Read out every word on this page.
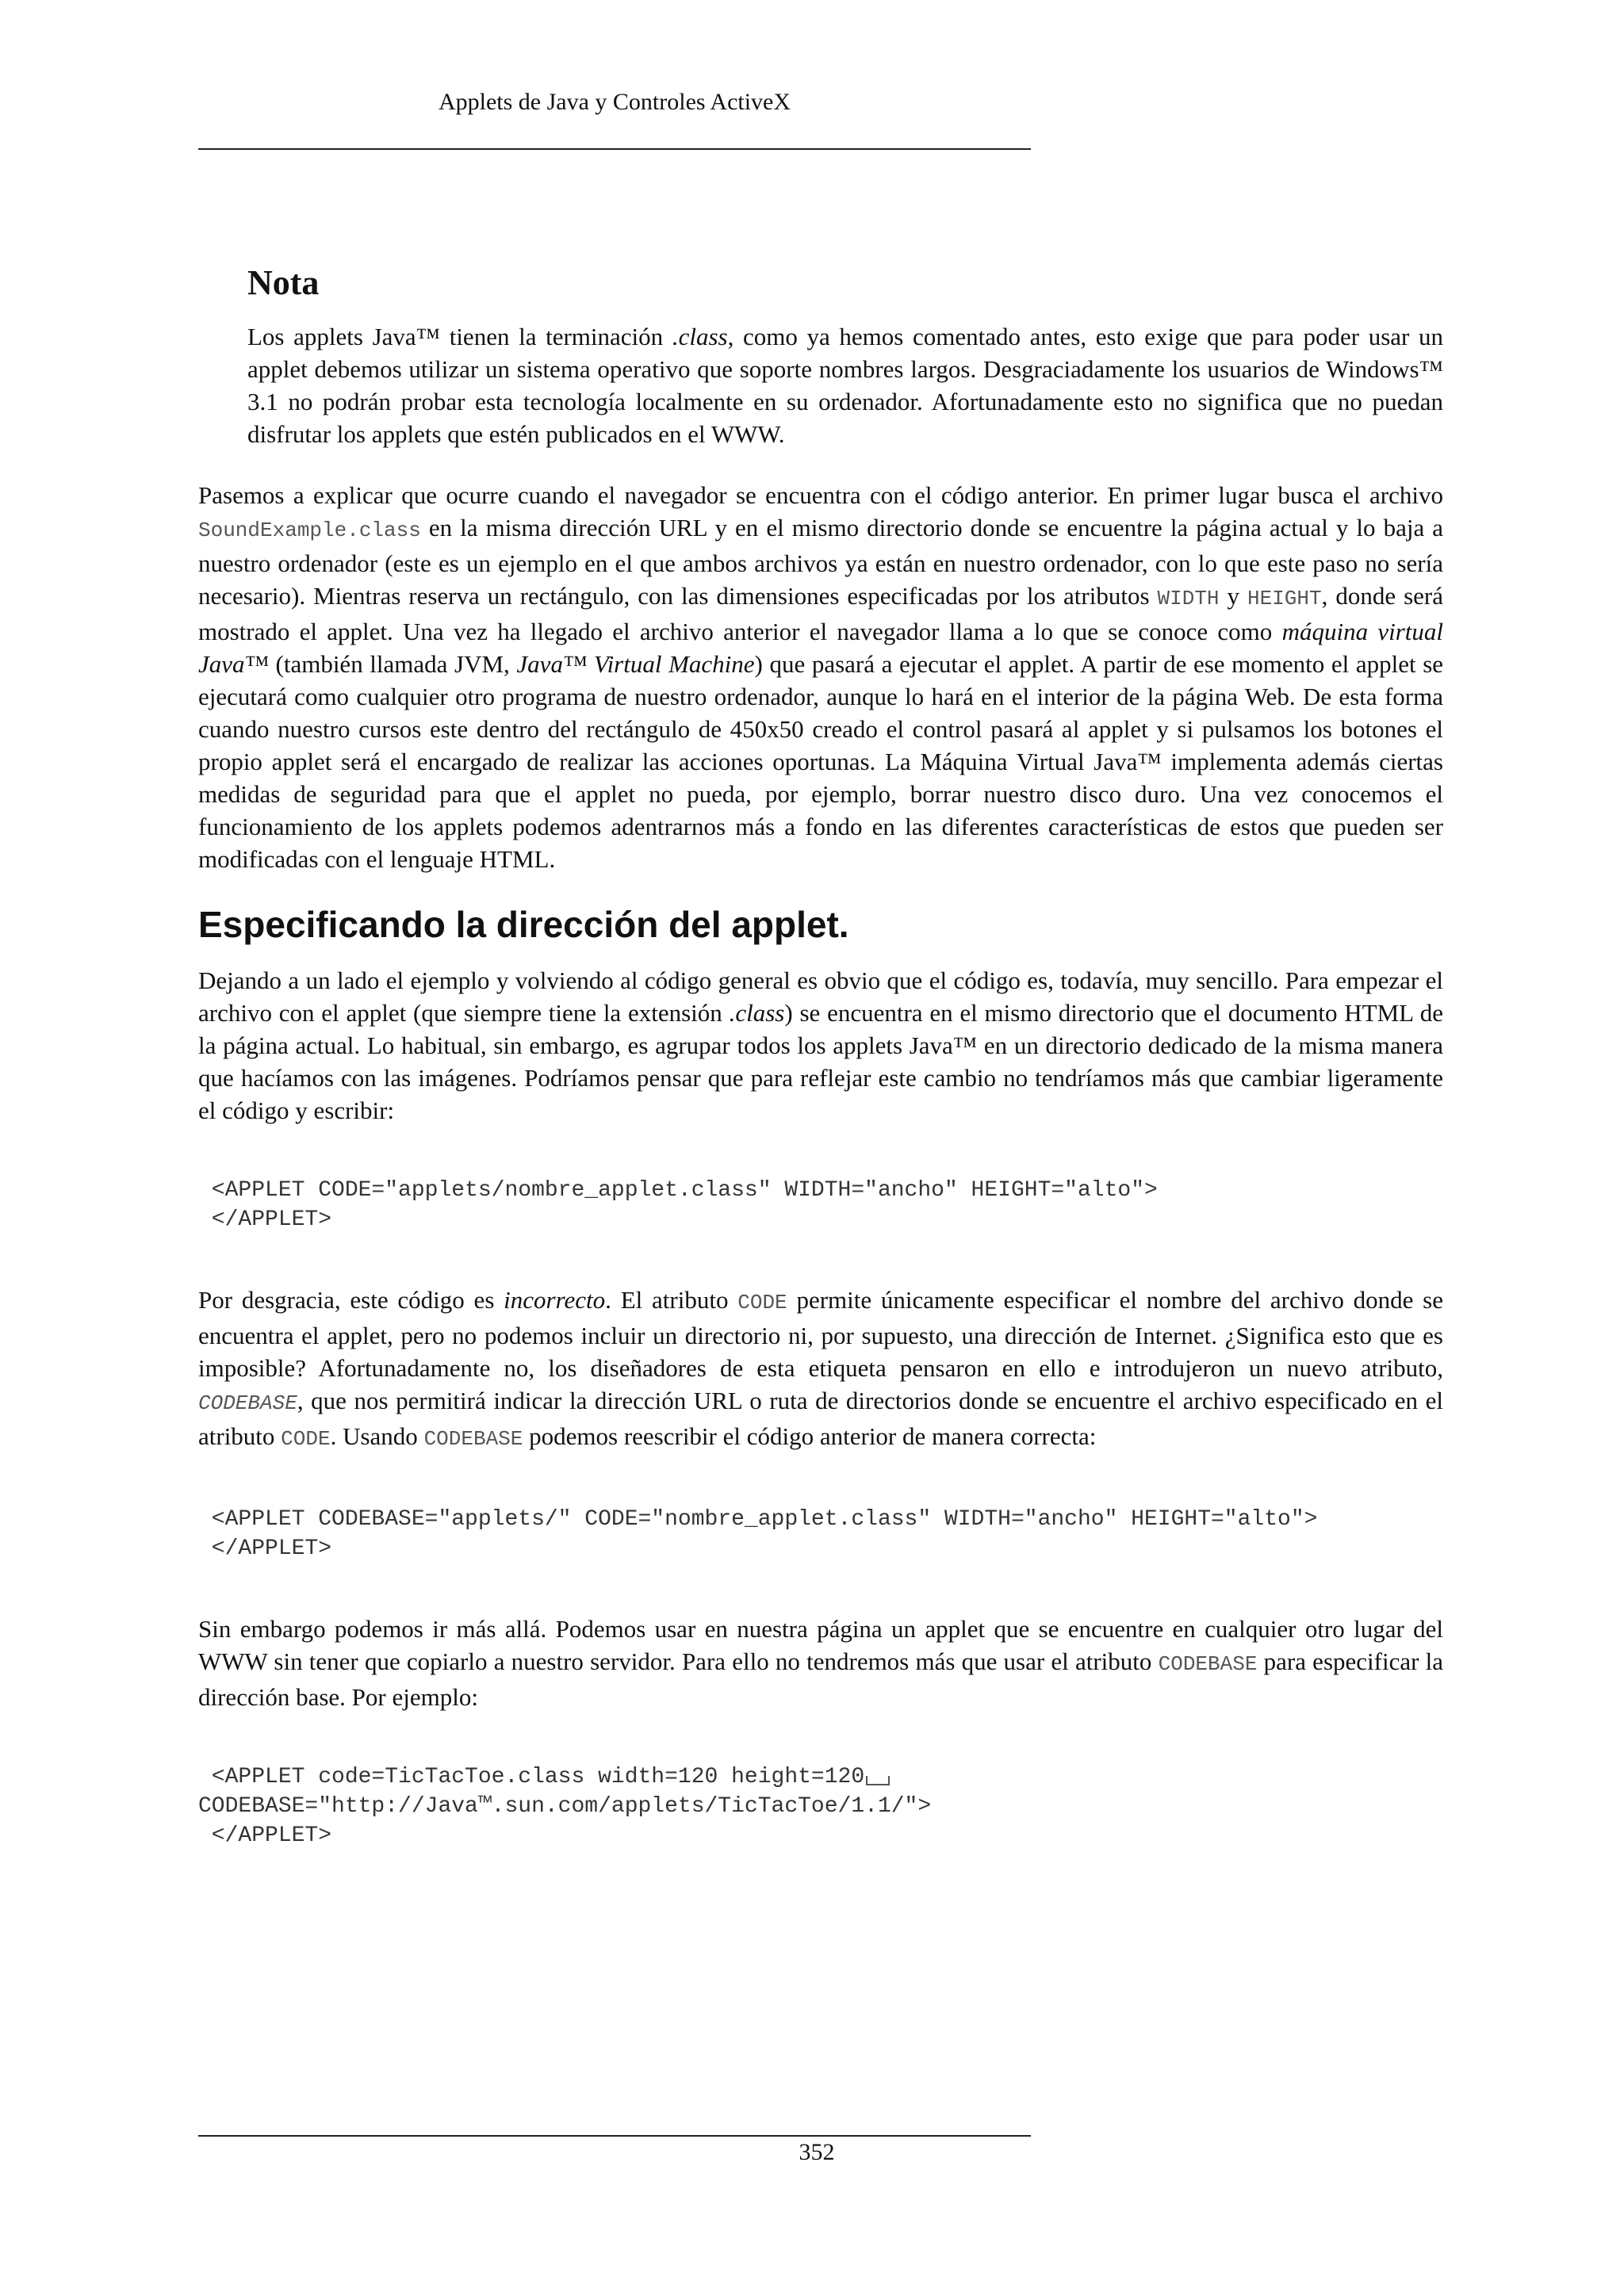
Applets de Java y Controles ActiveX
Nota

Los applets Java™ tienen la terminación .class, como ya hemos comentado antes, esto exige que para poder usar un applet debemos utilizar un sistema operativo que soporte nombres largos. Desgraciadamente los usuarios de Windows™ 3.1 no podrán probar esta tecnología localmente en su ordenador. Afortunadamente esto no significa que no puedan disfrutar los applets que estén publicados en el WWW.

Pasemos a explicar que ocurre cuando el navegador se encuentra con el código anterior. En primer lugar busca el archivo SoundExample.class en la misma dirección URL y en el mismo directorio donde se encuentre la página actual y lo baja a nuestro ordenador (este es un ejemplo en el que ambos archivos ya están en nuestro ordenador, con lo que este paso no sería necesario). Mientras reserva un rectángulo, con las dimensiones especificadas por los atributos WIDTH y HEIGHT, donde será mostrado el applet. Una vez ha llegado el archivo anterior el navegador llama a lo que se conoce como máquina virtual Java™ (también llamada JVM, Java™ Virtual Machine) que pasará a ejecutar el applet. A partir de ese momento el applet se ejecutará como cualquier otro programa de nuestro ordenador, aunque lo hará en el interior de la página Web. De esta forma cuando nuestro cursos este dentro del rectángulo de 450x50 creado el control pasará al applet y si pulsamos los botones el propio applet será el encargado de realizar las acciones oportunas. La Máquina Virtual Java™ implementa además ciertas medidas de seguridad para que el applet no pueda, por ejemplo, borrar nuestro disco duro. Una vez conocemos el funcionamiento de los applets podemos adentrarnos más a fondo en las diferentes características de estos que pueden ser modificadas con el lenguaje HTML.

Especificando la dirección del applet.

Dejando a un lado el ejemplo y volviendo al código general es obvio que el código es, todavía, muy sencillo. Para empezar el archivo con el applet (que siempre tiene la extensión .class) se encuentra en el mismo directorio que el documento HTML de la página actual. Lo habitual, sin embargo, es agrupar todos los applets Java™ en un directorio dedicado de la misma manera que hacíamos con las imágenes. Podríamos pensar que para reflejar este cambio no tendríamos más que cambiar ligeramente el código y escribir:

<APPLET CODE="applets/nombre_applet.class" WIDTH="ancho" HEIGHT="alto">
</APPLET>

Por desgracia, este código es incorrecto. El atributo CODE permite únicamente especificar el nombre del archivo donde se encuentra el applet, pero no podemos incluir un directorio ni, por supuesto, una dirección de Internet. ¿Significa esto que es imposible? Afortunadamente no, los diseñadores de esta etiqueta pensaron en ello e introdujeron un nuevo atributo, CODEBASE, que nos permitirá indicar la dirección URL o ruta de directorios donde se encuentre el archivo especificado en el atributo CODE. Usando CODEBASE podemos reescribir el código anterior de manera correcta:

<APPLET CODEBASE="applets/" CODE="nombre_applet.class" WIDTH="ancho" HEIGHT="alto">
</APPLET>

Sin embargo podemos ir más allá. Podemos usar en nuestra página un applet que se encuentre en cualquier otro lugar del WWW sin tener que copiarlo a nuestro servidor. Para ello no tendremos más que usar el atributo CODEBASE para especificar la dirección base. Por ejemplo:

<APPLET code=TicTacToe.class width=120 height=120
CODEBASE="http://Java™.sun.com/applets/TicTacToe/1.1/">
</APPLET>
352
